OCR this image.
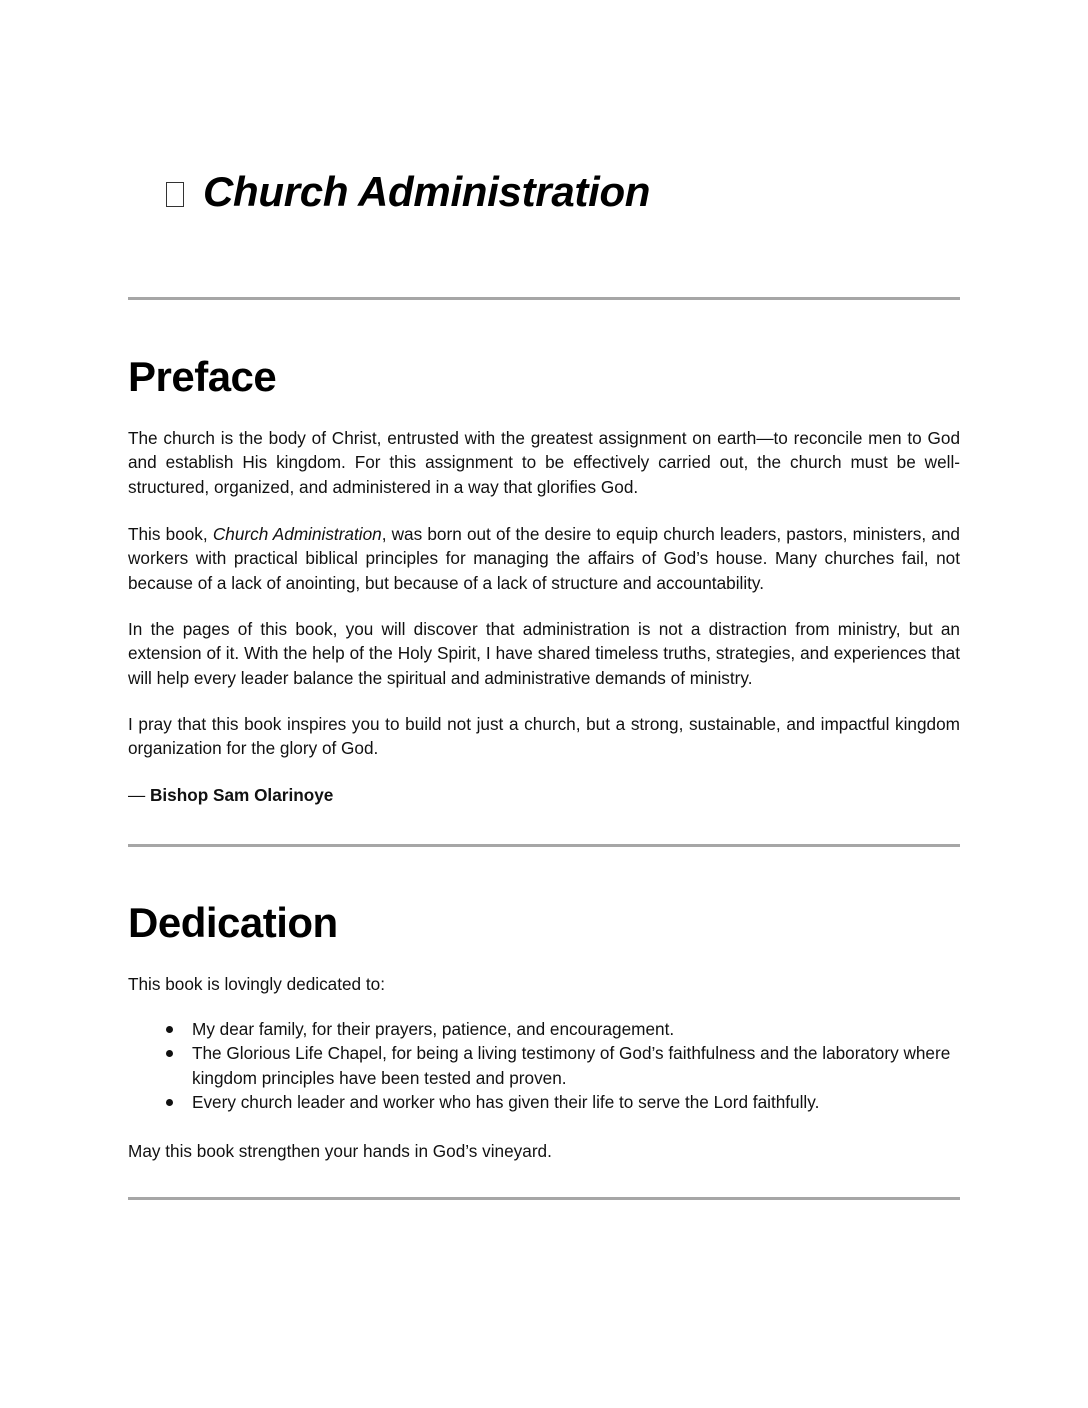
Church Administration
Preface

The church is the body of Christ, entrusted with the greatest assignment on earth—to reconcile men to God and establish His kingdom. For this assignment to be effectively carried out, the church must be well-structured, organized, and administered in a way that glorifies God.

This book, Church Administration, was born out of the desire to equip church leaders, pastors, ministers, and workers with practical biblical principles for managing the affairs of God’s house. Many churches fail, not because of a lack of anointing, but because of a lack of structure and accountability.

In the pages of this book, you will discover that administration is not a distraction from ministry, but an extension of it. With the help of the Holy Spirit, I have shared timeless truths, strategies, and experiences that will help every leader balance the spiritual and administrative demands of ministry.

I pray that this book inspires you to build not just a church, but a strong, sustainable, and impactful kingdom organization for the glory of God.

— Bishop Sam Olarinoye

Dedication

This book is lovingly dedicated to:

My dear family, for their prayers, patience, and encouragement.
The Glorious Life Chapel, for being a living testimony of God’s faithfulness and the laboratory where kingdom principles have been tested and proven.
Every church leader and worker who has given their life to serve the Lord faithfully.

May this book strengthen your hands in God’s vineyard.
